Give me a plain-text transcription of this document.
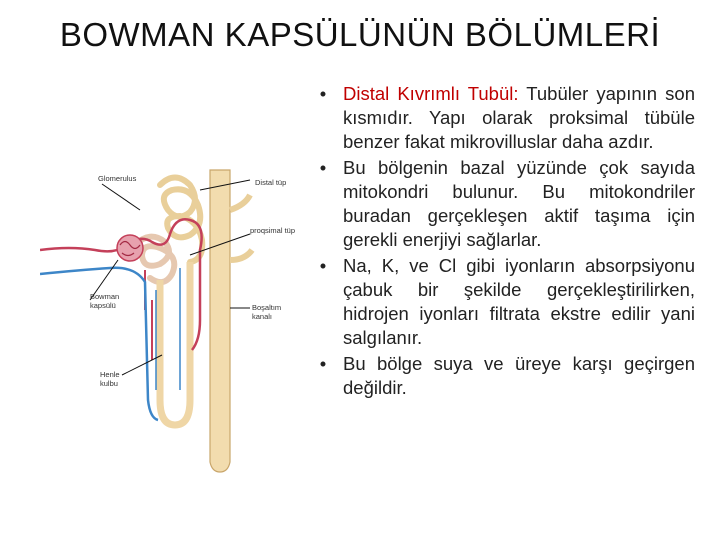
BOWMAN KAPSÜLÜNÜN BÖLÜMLERİ
Glomerulus	Distal tüp
proqsimal tüp
Bowman kapsülü	Boşaltım kanalı
Henle kulbu
• Distal Kıvrımlı Tubül: Tubüler yapının son kısmıdır. Yapı olarak proksimal tübüle benzer fakat mikrovilluslar daha azdır.
• Bu bölgenin bazal yüzünde çok sayıda mitokondri bulunur. Bu mitokondriler buradan gerçekleşen aktif taşıma için gerekli enerjiyi sağlarlar.
• Na, K, ve Cl gibi iyonların absorpsiyonu çabuk bir şekilde gerçekleştirilirken, hidrojen iyonları filtrata ekstre edilir yani salgılanır.
• Bu bölge suya ve üreye karşı geçirgen değildir.
